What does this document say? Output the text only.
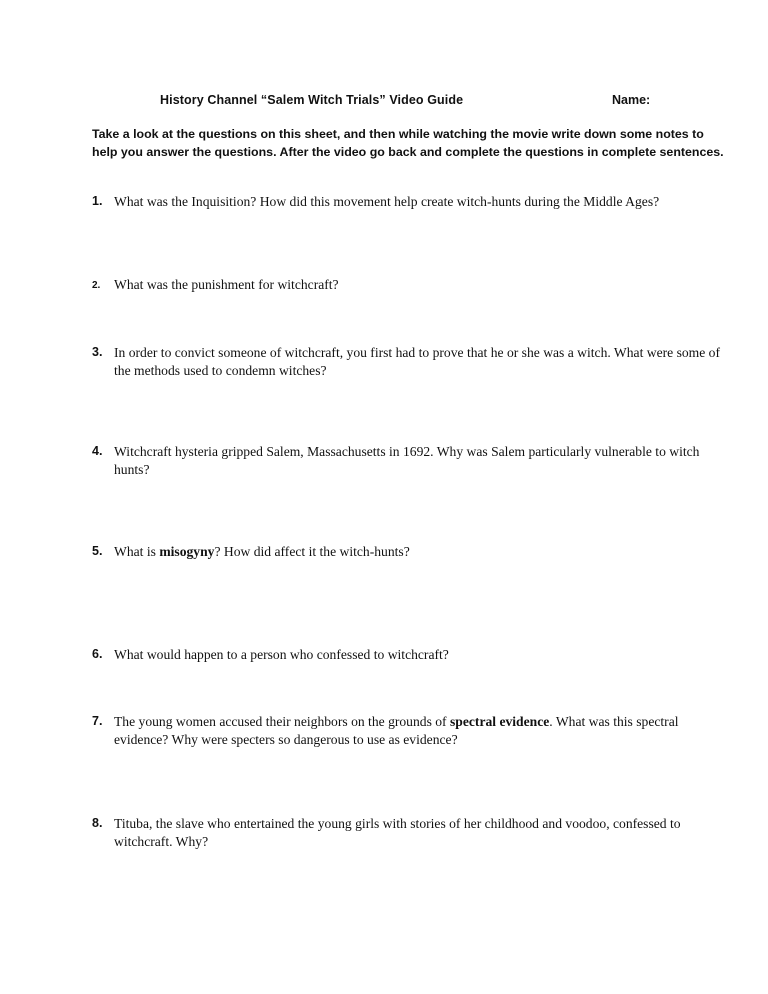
History Channel “Salem Witch Trials” Video Guide	Name:

Take a look at the questions on this sheet, and then while watching the movie write down some notes to help you answer the questions. After the video go back and complete the questions in complete sentences.

1. What was the Inquisition? How did this movement help create witch-hunts during the Middle Ages?

2. What was the punishment for witchcraft?

3. In order to convict someone of witchcraft, you first had to prove that he or she was a witch. What were some of the methods used to condemn witches?

4. Witchcraft hysteria gripped Salem, Massachusetts in 1692. Why was Salem particularly vulnerable to witch hunts?

5. What is misogyny? How did affect it the witch-hunts?

6. What would happen to a person who confessed to witchcraft?

7. The young women accused their neighbors on the grounds of spectral evidence. What was this spectral evidence? Why were specters so dangerous to use as evidence?

8. Tituba, the slave who entertained the young girls with stories of her childhood and voodoo, confessed to witchcraft. Why?
